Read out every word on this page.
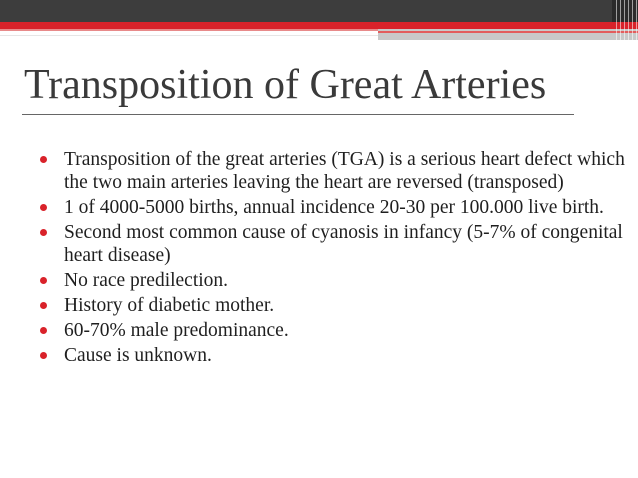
Transposition of Great Arteries
Transposition of the great arteries (TGA) is a serious heart defect which the two main arteries leaving the heart are reversed (transposed)
1 of 4000-5000 births, annual incidence 20-30 per 100.000 live birth.
Second most common cause of cyanosis in infancy (5-7% of congenital heart disease)
No race predilection.
History of diabetic mother.
60-70% male predominance.
Cause is unknown.
